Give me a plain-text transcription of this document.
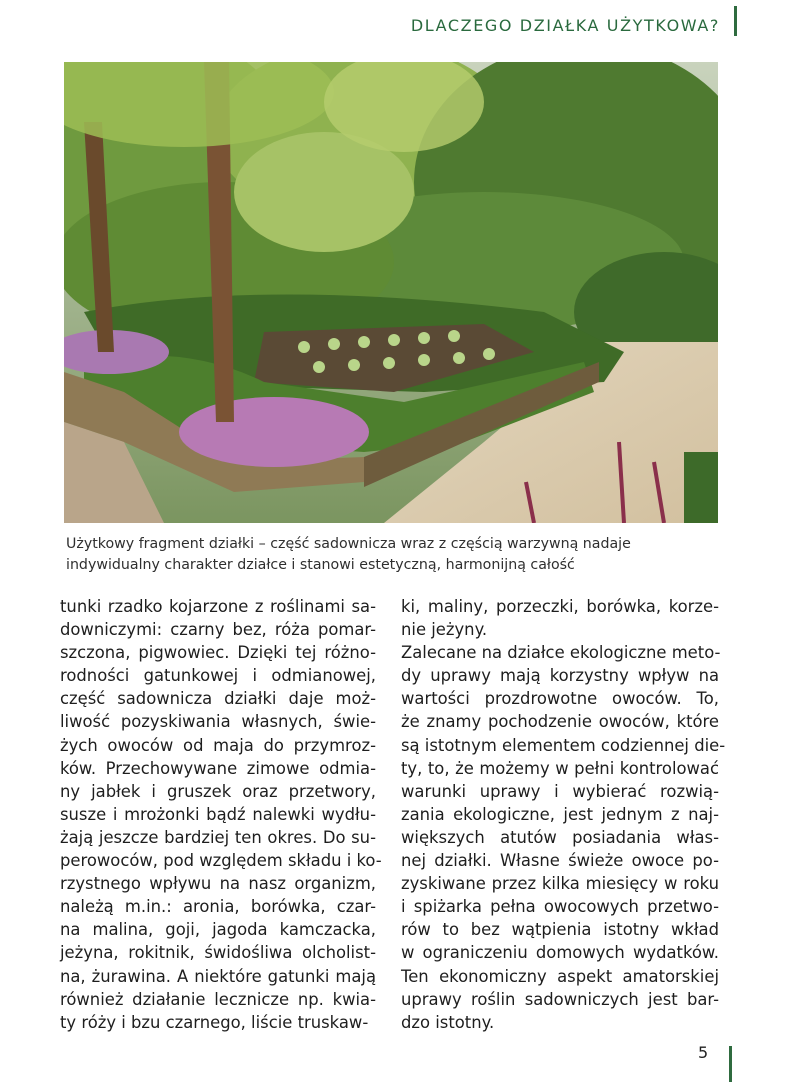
DLACZEGO DZIAŁKA UŻYTKOWA?
Użytkowy fragment działki – część sadownicza wraz z częścią warzywną nadaje
indywidualny charakter działce i stanowi estetyczną, harmonijną całość
tunki rzadko kojarzone z roślinami sa-
downiczymi: czarny bez, róża pomar-
szczona, pigwowiec. Dzięki tej różno-
rodności gatunkowej i odmianowej,
część sadownicza działki daje moż-
liwość pozyskiwania własnych, świe-
żych owoców od maja do przymroz-
ków. Przechowywane zimowe odmia-
ny jabłek i gruszek oraz przetwory,
susze i mrożonki bądź nalewki wydłu-
żają jeszcze bardziej ten okres. Do su-
perowoców, pod względem składu i ko-
rzystnego wpływu na nasz organizm,
należą m.in.: aronia, borówka, czar-
na malina, goji, jagoda kamczacka,
jeżyna, rokitnik, świdośliwa olcholist-
na, żurawina. A niektóre gatunki mają
również działanie lecznicze np. kwia-
ty róży i bzu czarnego, liście truskaw-
ki, maliny, porzeczki, borówka, korze-
nie jeżyny.
Zalecane na działce ekologiczne meto-
dy uprawy mają korzystny wpływ na
wartości prozdrowotne owoców. To,
że znamy pochodzenie owoców, które
są istotnym elementem codziennej die-
ty, to, że możemy w pełni kontrolować
warunki uprawy i wybierać rozwią-
zania ekologiczne, jest jednym z naj-
większych atutów posiadania włas-
nej działki. Własne świeże owoce po-
zyskiwane przez kilka miesięcy w roku
i spiżarka pełna owocowych przetwo-
rów to bez wątpienia istotny wkład
w ograniczeniu domowych wydatków.
Ten ekonomiczny aspekt amatorskiej
uprawy roślin sadowniczych jest bar-
dzo istotny.
5
